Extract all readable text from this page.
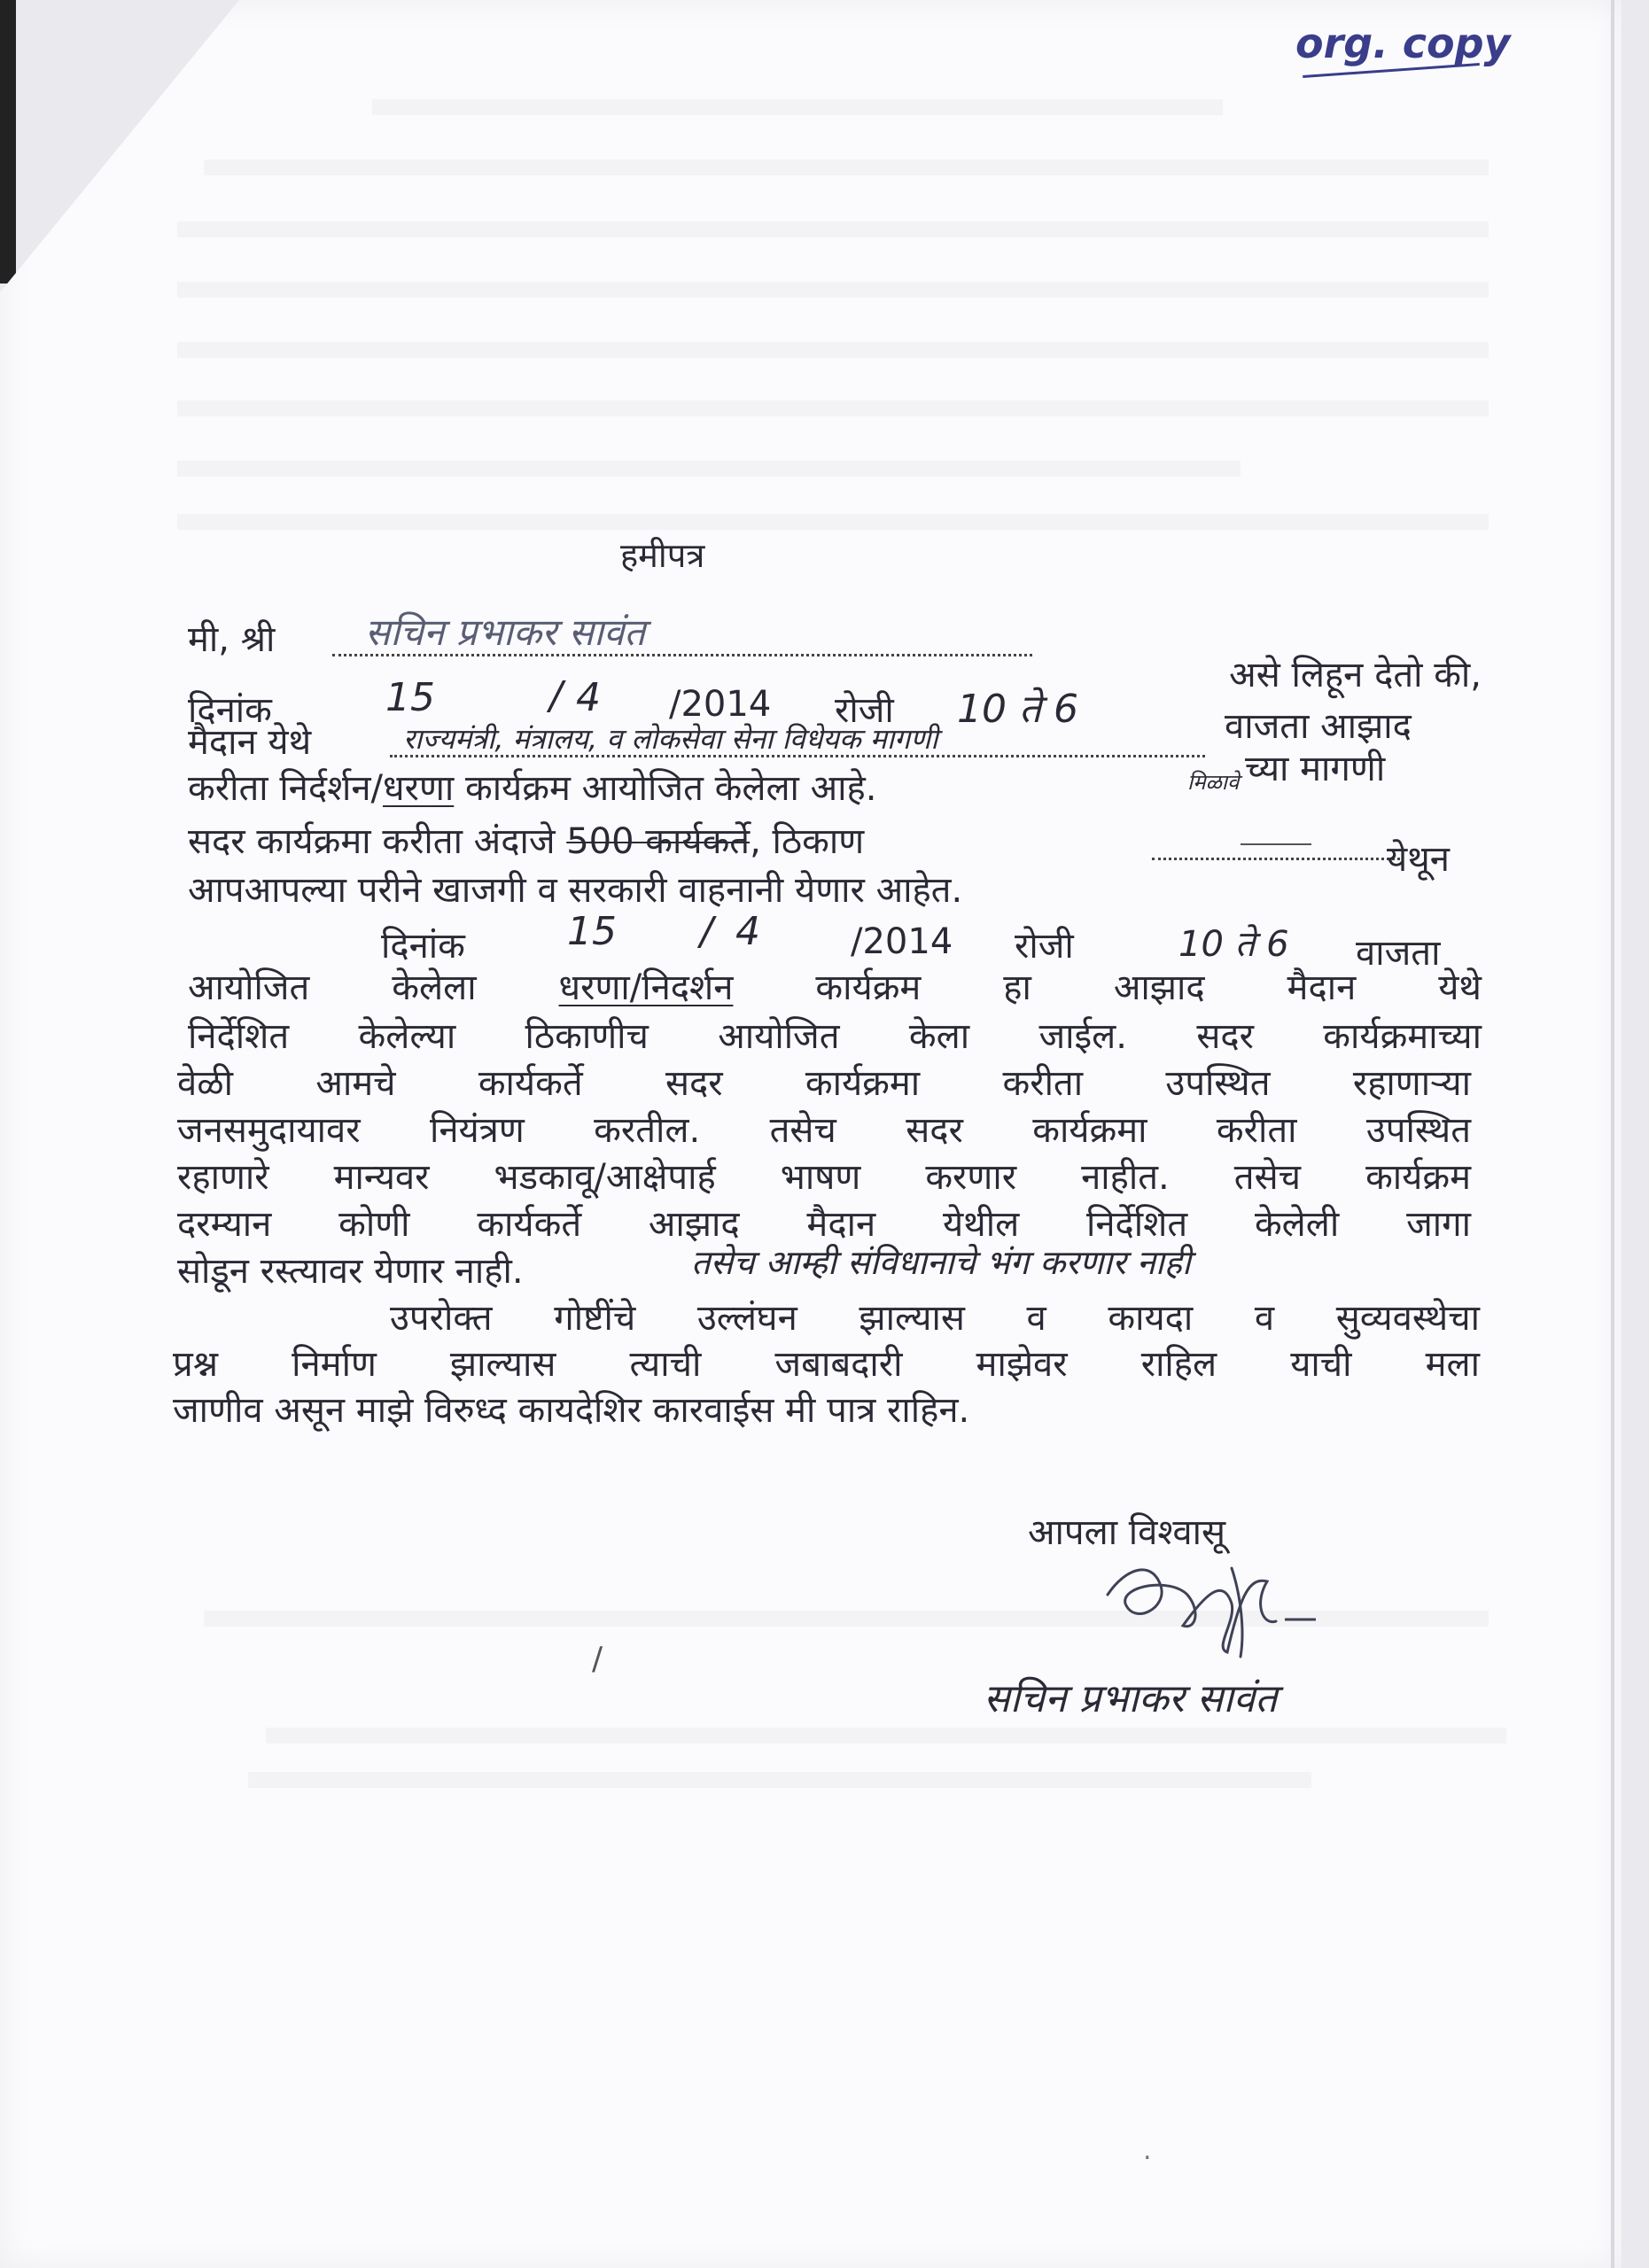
org. copy
हमीपत्र
मी, श्री सचिन प्रभाकर सावंत
असे लिहून देतो की,
दिनांक	15	/ 4 /2014 रोजी 10 ते 6	वाजता आझाद
मैदान येथे	राज्यमंत्री, मंत्रालय, व लोकसेवा सेना विधेयक मागणी
च्या मागणी
मिळावे
करीता निर्दर्शन/धरणा कार्यक्रम आयोजित केलेला आहे.
सदर कार्यक्रमा करीता अंदाजे 500 कार्यकर्ते, ठिकाण	येथून
आपआपल्या परीने खाजगी व सरकारी वाहनानी येणार आहेत.
दिनांक	15 / 4	/2014 रोजी	10 ते 6 वाजता
आयोजित केलेला धरणा/निदर्शन कार्यक्रम हा आझाद मैदान येथे
निर्देशित केलेल्या ठिकाणीच आयोजित केला जाईल. सदर कार्यक्रमाच्या
वेळी आमचे कार्यकर्ते सदर कार्यक्रमा करीता उपस्थित रहाणाऱ्या
जनसमुदायावर नियंत्रण करतील. तसेच सदर कार्यक्रमा करीता उपस्थित
रहाणारे मान्यवर भडकावू/आक्षेपार्ह भाषण करणार नाहीत. तसेच कार्यक्रम
दरम्यान कोणी कार्यकर्ते आझाद मैदान येथील निर्देशित केलेली जागा
सोडून रस्त्यावर येणार नाही.	तसेच आम्ही संविधानाचे भंग करणार नाही
उपरोक्त गोष्टींचे उल्लंघन झाल्यास व कायदा व सुव्यवस्थेचा
प्रश्न निर्माण झाल्यास त्याची जबाबदारी माझेवर राहिल याची मला
जाणीव असून माझे विरुध्द कायदेशिर कारवाईस मी पात्र राहिन.
आपला विश्वासू
सचिन प्रभाकर सावंत
/
.
